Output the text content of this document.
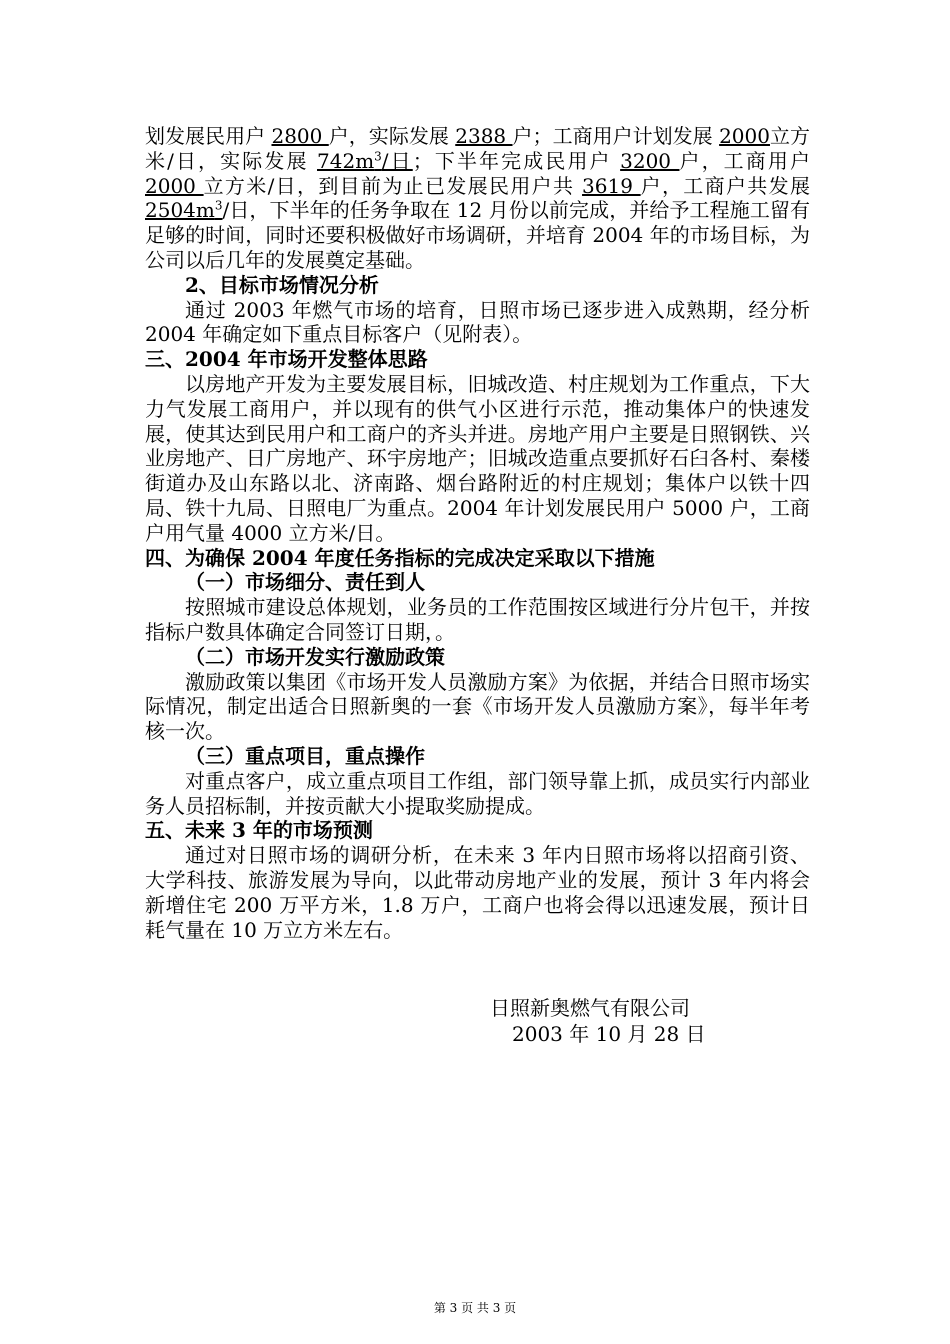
划发展民用户 2800 户，实际发展 2388 户；工商用户计划发展 2000立方米/日，实际发展 $742m^3/$日；下半年完成民用户 3200 户，工商用户 2000 立方米/日，到目前为止已发展民用户共 3619 户，工商户共发展 $2504m^3/$日，下半年的任务争取在 12 月份以前完成，并给予工程施工留有足够的时间，同时还要积极做好市场调研，并培育 2004 年的市场目标，为公司以后几年的发展奠定基础。

2、目标市场情况分析

通过 2003 年燃气市场的培育，日照市场已逐步进入成熟期，经分析 2004 年确定如下重点目标客户（见附表）。

三、2004 年市场开发整体思路

以房地产开发为主要发展目标，旧城改造、村庄规划为工作重点，下大力气发展工商用户，并以现有的供气小区进行示范，推动集体户的快速发展，使其达到民用户和工商户的齐头并进。房地产用户主要是日照钢铁、兴业房地产、日广房地产、环宇房地产；旧城改造重点要抓好石臼各村、秦楼街道办及山东路以北、济南路、烟台路附近的村庄规划；集体户以铁十四局、铁十九局、日照电厂为重点。2004 年计划发展民用户 5000 户，工商户用气量 4000 立方米/日。

四、为确保 2004 年度任务指标的完成决定采取以下措施

（一）市场细分、责任到人

按照城市建设总体规划，业务员的工作范围按区域进行分片包干，并按指标户数具体确定合同签订日期，。

（二）市场开发实行激励政策

激励政策以集团《市场开发人员激励方案》为依据，并结合日照市场实际情况，制定出适合日照新奥的一套《市场开发人员激励方案》，每半年考核一次。

（三）重点项目，重点操作

对重点客户，成立重点项目工作组，部门领导靠上抓，成员实行内部业务人员招标制，并按贡献大小提取奖励提成。

五、未来 3 年的市场预测

通过对日照市场的调研分析，在未来 3 年内日照市场将以招商引资、大学科技、旅游发展为导向，以此带动房地产业的发展，预计 3 年内将会新增住宅 200 万平方米，1.8 万户，工商户也将会得以迅速发展，预计日耗气量在 10 万立方米左右。

日照新奥燃气有限公司
2003 年 10 月 28 日
第 3 页 共 3 页
